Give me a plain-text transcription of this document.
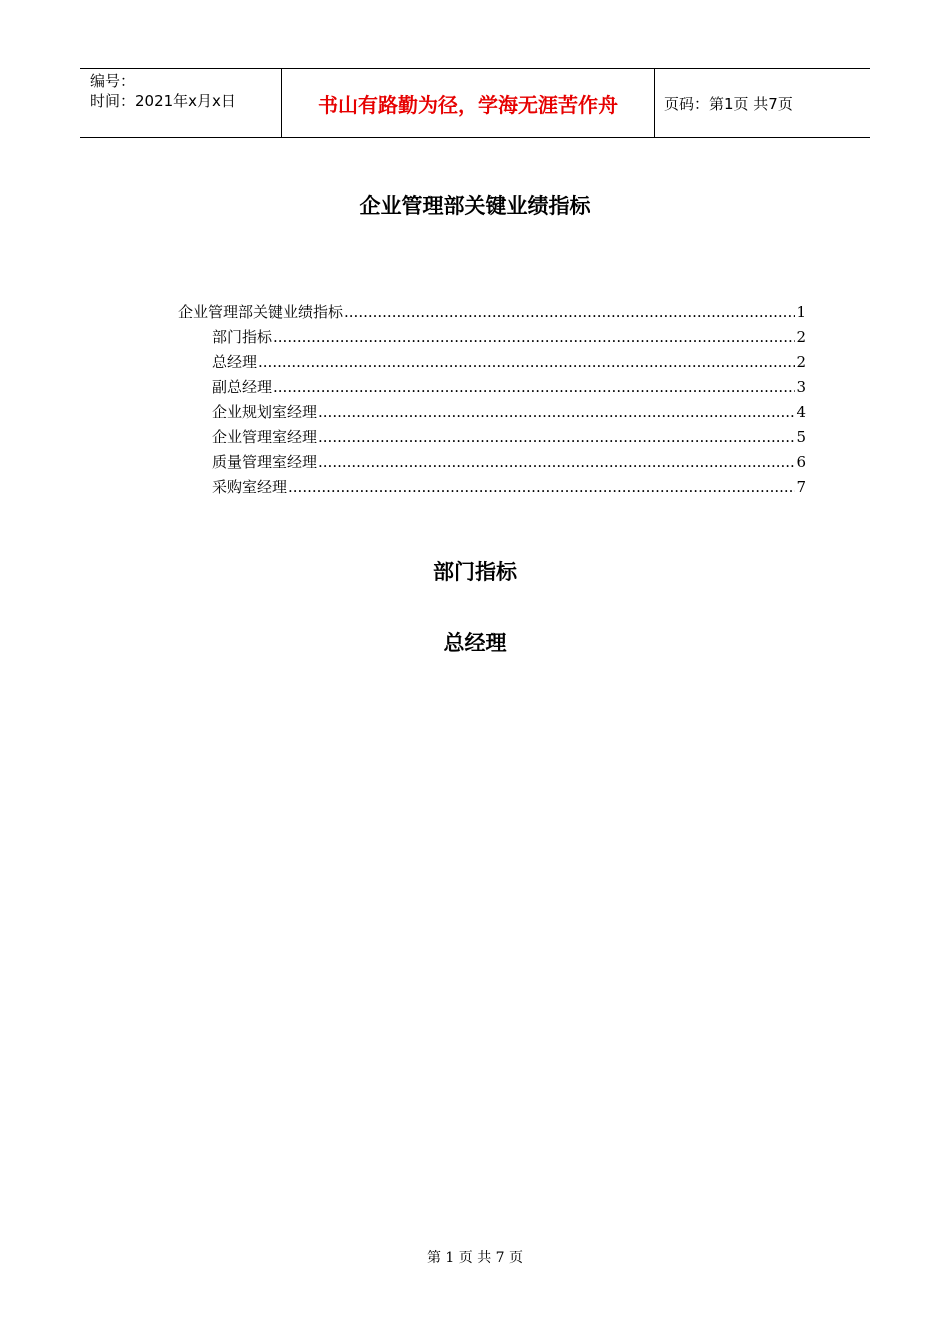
编号：
时间：2021年x月x日	书山有路勤为径，学海无涯苦作舟	页码：第1页 共7页
企业管理部关键业绩指标
企业管理部关键业绩指标 .....	1
部门指标 .....	2
总经理 .....	2
副总经理 .....	3
企业规划室经理 .....	4
企业管理室经理 .....	5
质量管理室经理 .....	6
采购室经理 .....	7
部门指标
总经理
第 1 页 共 7 页
